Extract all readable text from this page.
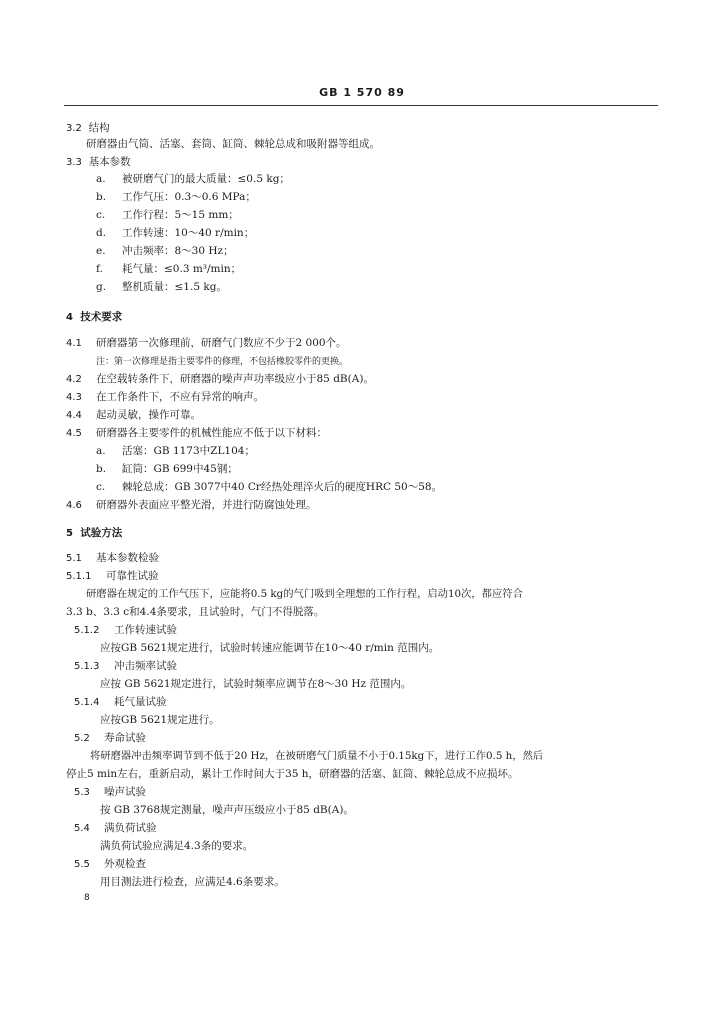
GB 1 570 89
3.2 结构
研磨器由气筒、活塞、套筒、缸筒、棘轮总成和吸附器等组成。
3.3 基本参数
a. 被研磨气门的最大质量：≤0.5 kg；
b. 工作气压：0.3～0.6 MPa；
c. 工作行程：5～15 mm；
d. 工作转速：10～40 r/min；
e. 冲击频率：8～30 Hz；
f. 耗气量：≤0.3 m³/min；
g. 整机质量：≤1.5 kg。
4 技术要求
4.1 研磨器第一次修理前，研磨气门数应不少于2 000个。
注：第一次修理是指主要零件的修理，不包括橡胶零件的更换。
4.2 在空载转条件下，研磨器的噪声声功率级应小于85 dB(A)。
4.3 在工作条件下，不应有异常的响声。
4.4 起动灵敏，操作可靠。
4.5 研磨器各主要零件的机械性能应不低于以下材料：
a. 活塞：GB 1173中ZL104；
b. 缸筒：GB 699中45钢；
c. 棘轮总成：GB 3077中40 Cr经热处理淬火后的硬度HRC 50～58。
4.6 研磨器外表面应平整光滑，并进行防腐蚀处理。
5 试验方法
5.1 基本参数检验
5.1.1 可靠性试验
研磨器在规定的工作气压下，应能将0.5 kg的气门吸到全理想的工作行程，启动10次，都应符合
3.3 b、3.3 c和4.4条要求，且试验时，气门不得脱落。
5.1.2 工作转速试验
应按GB 5621规定进行，试验时转速应能调节在10～40 r/min 范围内。
5.1.3 冲击频率试验
应按 GB 5621规定进行，试验时频率应调节在8～30 Hz 范围内。
5.1.4 耗气量试验
应按GB 5621规定进行。
5.2 寿命试验
将研磨器冲击频率调节到不低于20 Hz，在被研磨气门质量不小于0.15kg下，进行工作0.5 h，然后
停止5 min左右，重新启动，累计工作时间大于35 h，研磨器的活塞、缸筒、棘轮总成不应损坏。
5.3 噪声试验
按 GB 3768规定测量，噪声声压级应小于85 dB(A)。
5.4 满负荷试验
满负荷试验应满足4.3条的要求。
5.5 外观检查
用目测法进行检查，应满足4.6条要求。
8
